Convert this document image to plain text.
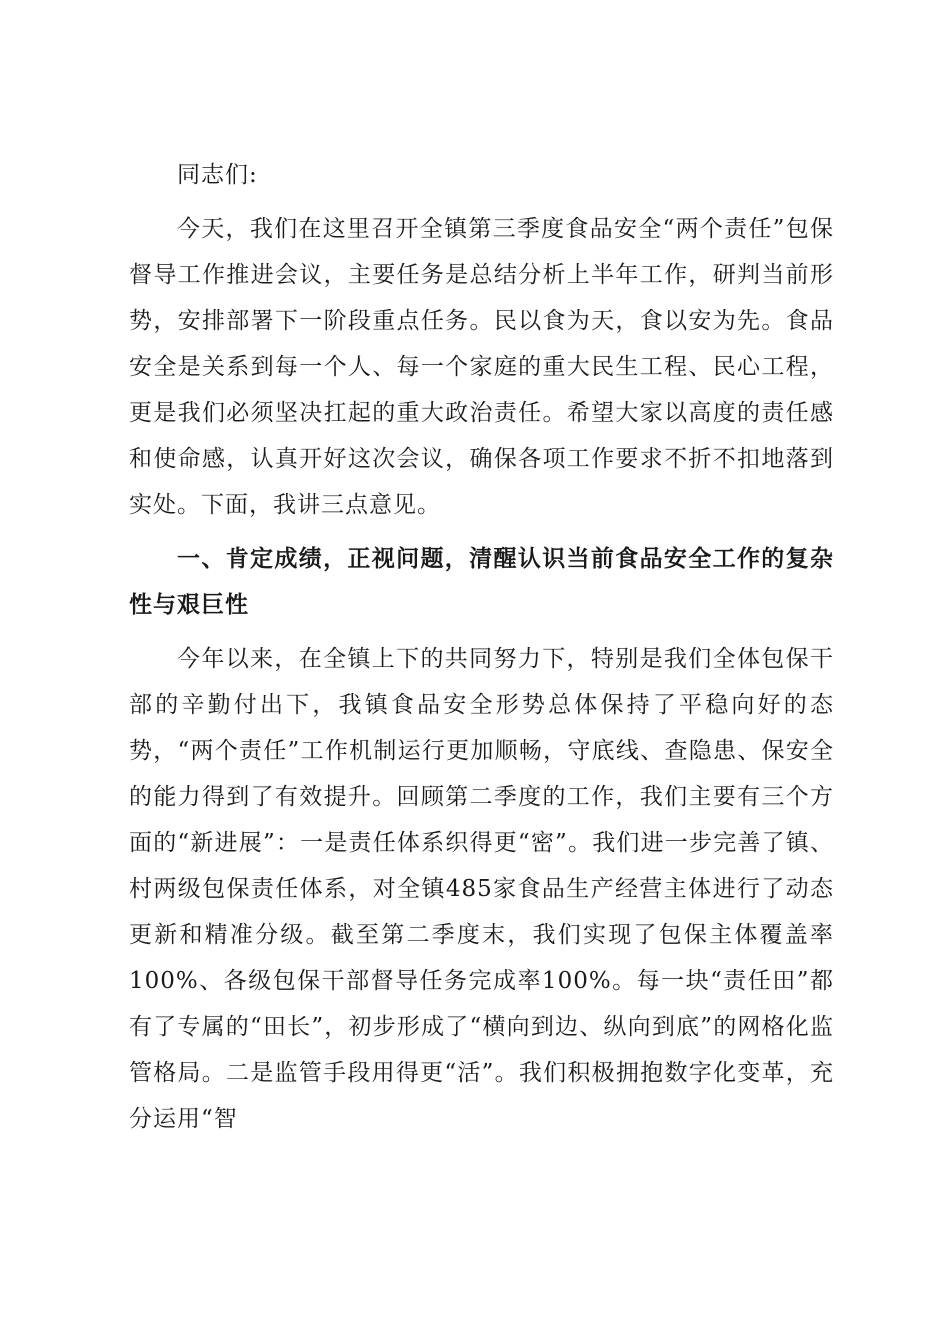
同志们:

今天，我们在这里召开全镇第三季度食品安全“两个责任”包保督导工作推进会议，主要任务是总结分析上半年工作，研判当前形势，安排部署下一阶段重点任务。民以食为天，食以安为先。食品安全是关系到每一个人、每一个家庭的重大民生工程、民心工程，更是我们必须坚决扛起的重大政治责任。希望大家以高度的责任感和使命感，认真开好这次会议，确保各项工作要求不折不扣地落到实处。下面，我讲三点意见。

一、肯定成绩，正视问题，清醒认识当前食品安全工作的复杂性与艰巨性

今年以来，在全镇上下的共同努力下，特别是我们全体包保干部的辛勤付出下，我镇食品安全形势总体保持了平稳向好的态势，“两个责任”工作机制运行更加顺畅，守底线、查隐患、保安全的能力得到了有效提升。回顾第二季度的工作，我们主要有三个方面的“新进展”：一是责任体系织得更“密”。我们进一步完善了镇、村两级包保责任体系，对全镇485家食品生产经营主体进行了动态更新和精准分级。截至第二季度末，我们实现了包保主体覆盖率100%、各级包保干部督导任务完成率100%。每一块“责任田”都有了专属的“田长”，初步形成了“横向到边、纵向到底”的网格化监管格局。二是监管手段用得更“活”。我们积极拥抱数字化变革，充分运用“智
